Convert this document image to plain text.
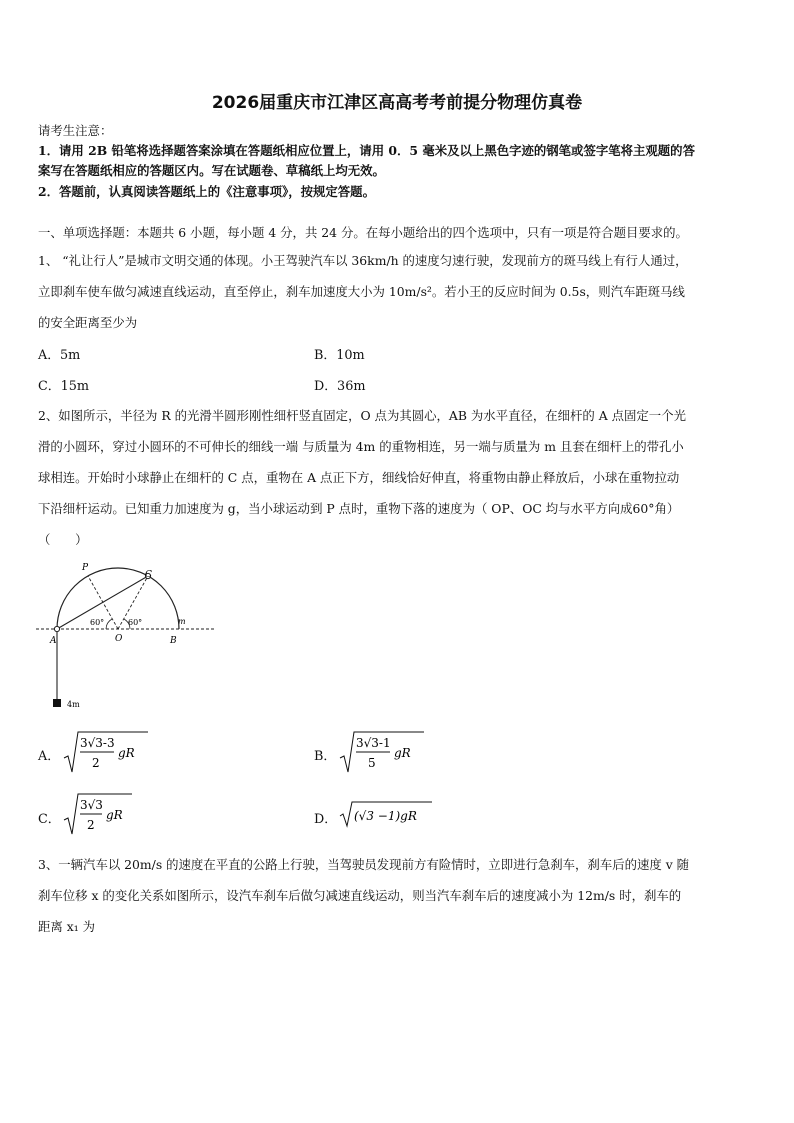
2026届重庆市江津区高高考考前提分物理仿真卷
请考生注意：
1．请用 2B 铅笔将选择题答案涂填在答题纸相应位置上，请用 0．5 毫米及以上黑色字迹的钢笔或签字笔将主观题的答
案写在答题纸相应的答题区内。写在试题卷、草稿纸上均无效。
2．答题前，认真阅读答题纸上的《注意事项》，按规定答题。
一、单项选择题：本题共 6 小题，每小题 4 分，共 24 分。在每小题给出的四个选项中，只有一项是符合题目要求的。
1、 “礼让行人”是城市文明交通的体现。小王驾驶汽车以 36km/h 的速度匀速行驶，发现前方的斑马线上有行人通过，
立即刹车使车做匀减速直线运动，直至停止，刹车加速度大小为 10m/s²。若小王的反应时间为 0.5s，则汽车距斑马线
的安全距离至少为
A．5m	B．10m
C．15m	D．36m
2、如图所示，半径为 R 的光滑半圆形刚性细杆竖直固定，O 点为其圆心，AB 为水平直径，在细杆的 A 点固定一个光
滑的小圆环，穿过小圆环的不可伸长的细线一端 与质量为 4m 的重物相连，另一端与质量为 m 且套在细杆上的带孔小
球相连。开始时小球静止在细杆的 C 点，重物在 A 点正下方，细线恰好伸直，将重物由静止释放后，小球在重物拉动
下沿细杆运动。已知重力加速度为 g，当小球运动到 P 点时，重物下落的速度为（ OP、OC 均与水平方向成60°角）
（　　）
P
C
A	O	B
m
4m
60°	60°
A．
3√3-3
2
gR	B．
3√3-1
5
gR
C．
3√3
2
gR	D． (√3 −1)gR
3、一辆汽车以 20m/s 的速度在平直的公路上行驶，当驾驶员发现前方有险情时，立即进行急刹车，刹车后的速度 v 随
刹车位移 x 的变化关系如图所示，设汽车刹车后做匀减速直线运动，则当汽车刹车后的速度减小为 12m/s 时，刹车的
距离 x₁ 为
